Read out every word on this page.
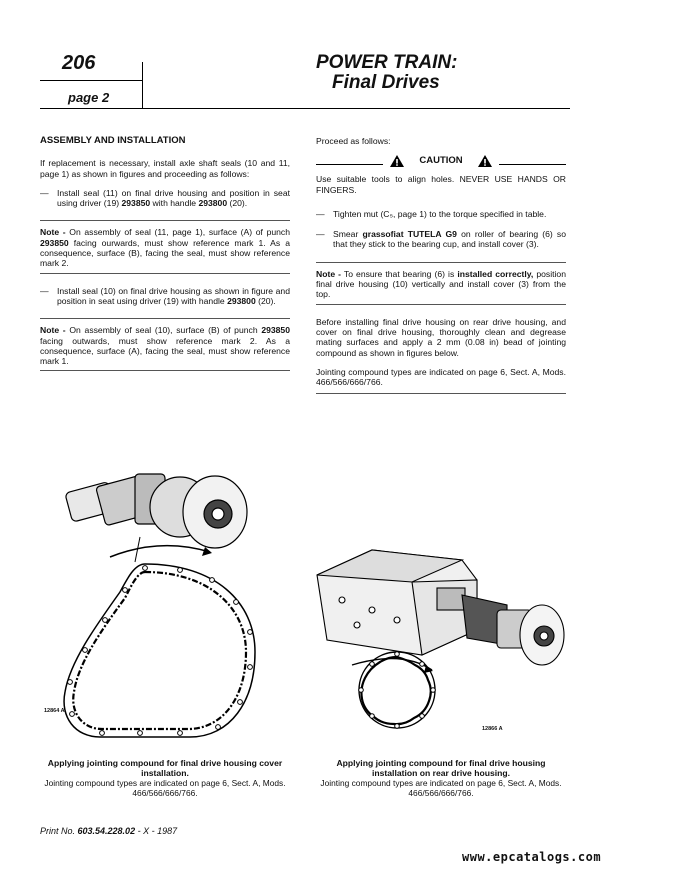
206
page 2
POWER TRAIN:
Final Drives

ASSEMBLY AND INSTALLATION

If replacement is necessary, install axle shaft seals (10 and 11, page 1) as shown in figures and proceeding as follows:

— Install seal (11) on final drive housing and position in seat using driver (19) 293850 with handle 293800 (20).

Note - On assembly of seal (11, page 1), surface (A) of punch 293850 facing ourwards, must show reference mark 1. As a consequence, surface (B), facing the seal, must show reference mark 2.

— Install seal (10) on final drive housing as shown in figure and position in seat using driver (19) with handle 293800 (20).

Note - On assembly of seal (10), surface (B) of punch 293850 facing outwards, must show reference mark 2. As a consequence, surface (A), facing the seal, must show reference mark 1.

Proceed as follows:

CAUTION

Use suitable tools to align holes. NEVER USE HANDS OR FINGERS.

— Tighten mut (C₅, page 1) to the torque specified in table.
— Smear grassofiat TUTELA G9 on roller of bearing (6) so that they stick to the bearing cup, and install cover (3).

Note - To ensure that bearing (6) is installed correctly, position final drive housing (10) vertically and install cover (3) from the top.

Before installing final drive housing on rear drive housing, and cover on final drive housing, thoroughly clean and degrease mating surfaces and apply a 2 mm (0.08 in) bead of jointing compound as shown in figures below.

Jointing compound types are indicated on page 6, Sect. A, Mods. 466/566/666/766.

12864 A
12866 A
Applying jointing compound for final drive housing cover installation.
Jointing compound types are indicated on page 6, Sect. A, Mods. 466/566/666/766.
Applying jointing compound for final drive housing installation on rear drive housing.
Jointing compound types are indicated on page 6, Sect. A, Mods. 466/566/666/766.
Print No. 603.54.228.02 - X - 1987
www.epcatalogs.com
